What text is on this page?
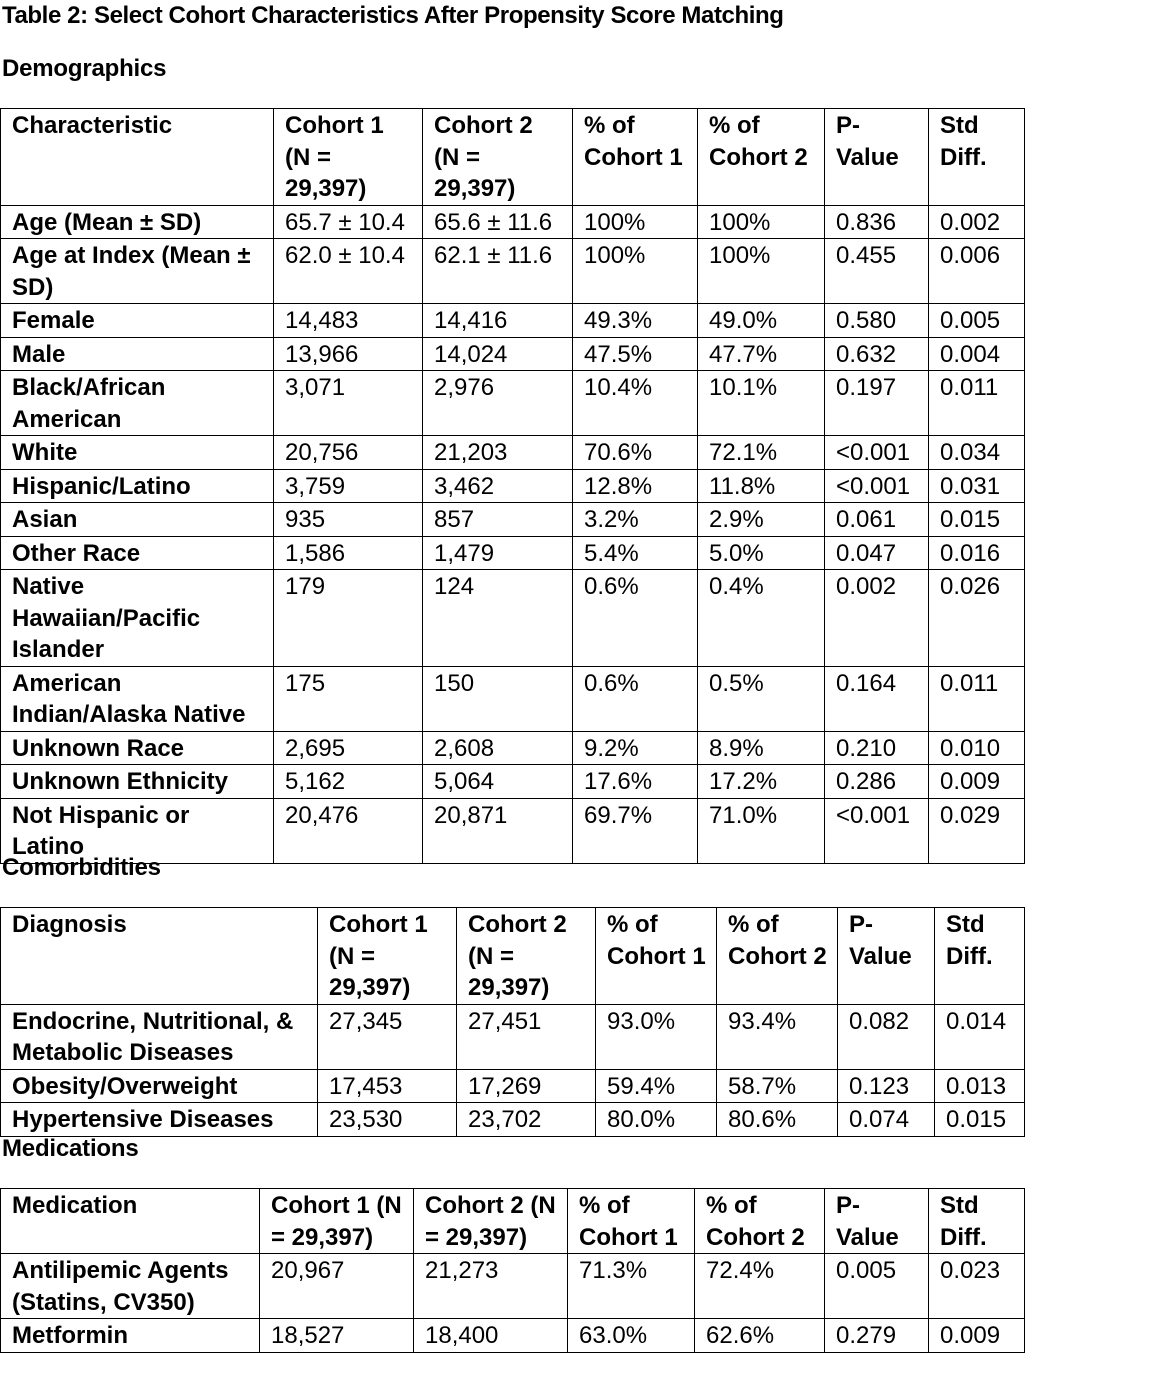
Table 2: Select Cohort Characteristics After Propensity Score Matching
Demographics
Characteristic	Cohort 1 (N = 29,397)	Cohort 2 (N = 29,397)	% of Cohort 1	% of Cohort 2	P-Value	Std Diff.
Age (Mean ± SD)	65.7 ± 10.4	65.6 ± 11.6	100%	100%	0.836	0.002
Age at Index (Mean ± SD)	62.0 ± 10.4	62.1 ± 11.6	100%	100%	0.455	0.006
Female	14,483	14,416	49.3%	49.0%	0.580	0.005
Male	13,966	14,024	47.5%	47.7%	0.632	0.004
Black/African American	3,071	2,976	10.4%	10.1%	0.197	0.011
White	20,756	21,203	70.6%	72.1%	<0.001	0.034
Hispanic/Latino	3,759	3,462	12.8%	11.8%	<0.001	0.031
Asian	935	857	3.2%	2.9%	0.061	0.015
Other Race	1,586	1,479	5.4%	5.0%	0.047	0.016
Native Hawaiian/Pacific Islander	179	124	0.6%	0.4%	0.002	0.026
American Indian/Alaska Native	175	150	0.6%	0.5%	0.164	0.011
Unknown Race	2,695	2,608	9.2%	8.9%	0.210	0.010
Unknown Ethnicity	5,162	5,064	17.6%	17.2%	0.286	0.009
Not Hispanic or Latino	20,476	20,871	69.7%	71.0%	<0.001	0.029
Comorbidities
Diagnosis	Cohort 1 (N = 29,397)	Cohort 2 (N = 29,397)	% of Cohort 1	% of Cohort 2	P-Value	Std Diff.
Endocrine, Nutritional, & Metabolic Diseases	27,345	27,451	93.0%	93.4%	0.082	0.014
Obesity/Overweight	17,453	17,269	59.4%	58.7%	0.123	0.013
Hypertensive Diseases	23,530	23,702	80.0%	80.6%	0.074	0.015
Medications
Medication	Cohort 1 (N = 29,397)	Cohort 2 (N = 29,397)	% of Cohort 1	% of Cohort 2	P-Value	Std Diff.
Antilipemic Agents (Statins, CV350)	20,967	21,273	71.3%	72.4%	0.005	0.023
Metformin	18,527	18,400	63.0%	62.6%	0.279	0.009
